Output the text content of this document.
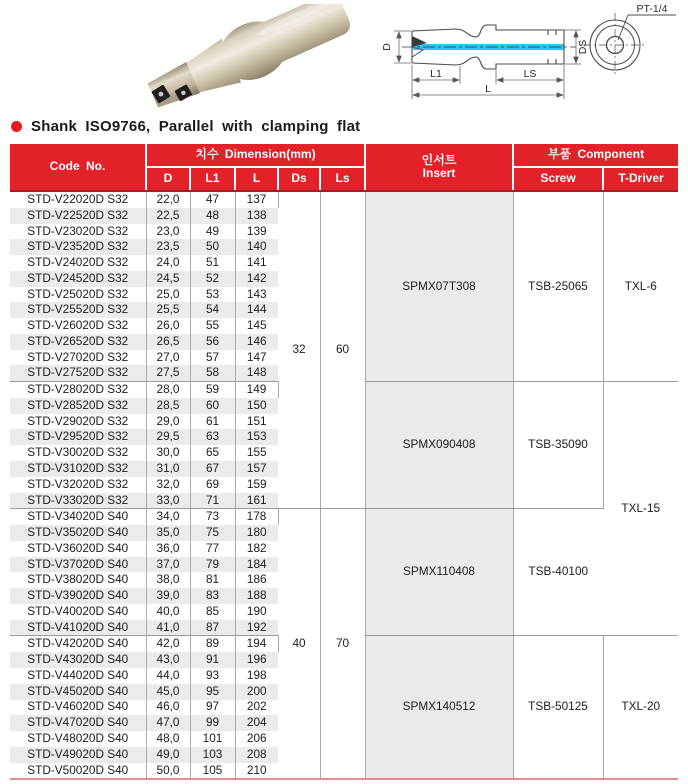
D
L1	LS
L
DS
PT-1/4
Shank ISO9766, Parallel with clamping flat
Code No.	치수 Dimension(mm)					인서트
Insert	부품 Component	
	D	L1	L	Ds	Ls		Screw	T-Driver
STD-V22020D S32	22,0	47	137	32	60	SPMX07T308	TSB-25065	TXL-6
STD-V22520D S32	22,5	48	138					
STD-V23020D S32	23,0	49	139					
STD-V23520D S32	23,5	50	140					
STD-V24020D S32	24,0	51	141					
STD-V24520D S32	24,5	52	142					
STD-V25020D S32	25,0	53	143					
STD-V25520D S32	25,5	54	144					
STD-V26020D S32	26,0	55	145					
STD-V26520D S32	26,5	56	146					
STD-V27020D S32	27,0	57	147					
STD-V27520D S32	27,5	58	148					
STD-V28020D S32	28,0	59	149			SPMX090408	TSB-35090	TXL-15
STD-V28520D S32	28,5	60	150					
STD-V29020D S32	29,0	61	151					
STD-V29520D S32	29,5	63	153					
STD-V30020D S32	30,0	65	155					
STD-V31020D S32	31,0	67	157					
STD-V32020D S32	32,0	69	159					
STD-V33020D S32	33,0	71	161					
STD-V34020D S40	34,0	73	178	40	70	SPMX110408	TSB-40100	
STD-V35020D S40	35,0	75	180					
STD-V36020D S40	36,0	77	182					
STD-V37020D S40	37,0	79	184					
STD-V38020D S40	38,0	81	186					
STD-V39020D S40	39,0	83	188					
STD-V40020D S40	40,0	85	190					
STD-V41020D S40	41,0	87	192					
STD-V42020D S40	42,0	89	194			SPMX140512	TSB-50125	TXL-20
STD-V43020D S40	43,0	91	196					
STD-V44020D S40	44,0	93	198					
STD-V45020D S40	45,0	95	200					
STD-V46020D S40	46,0	97	202					
STD-V47020D S40	47,0	99	204					
STD-V48020D S40	48,0	101	206					
STD-V49020D S40	49,0	103	208					
STD-V50020D S40	50,0	105	210					
